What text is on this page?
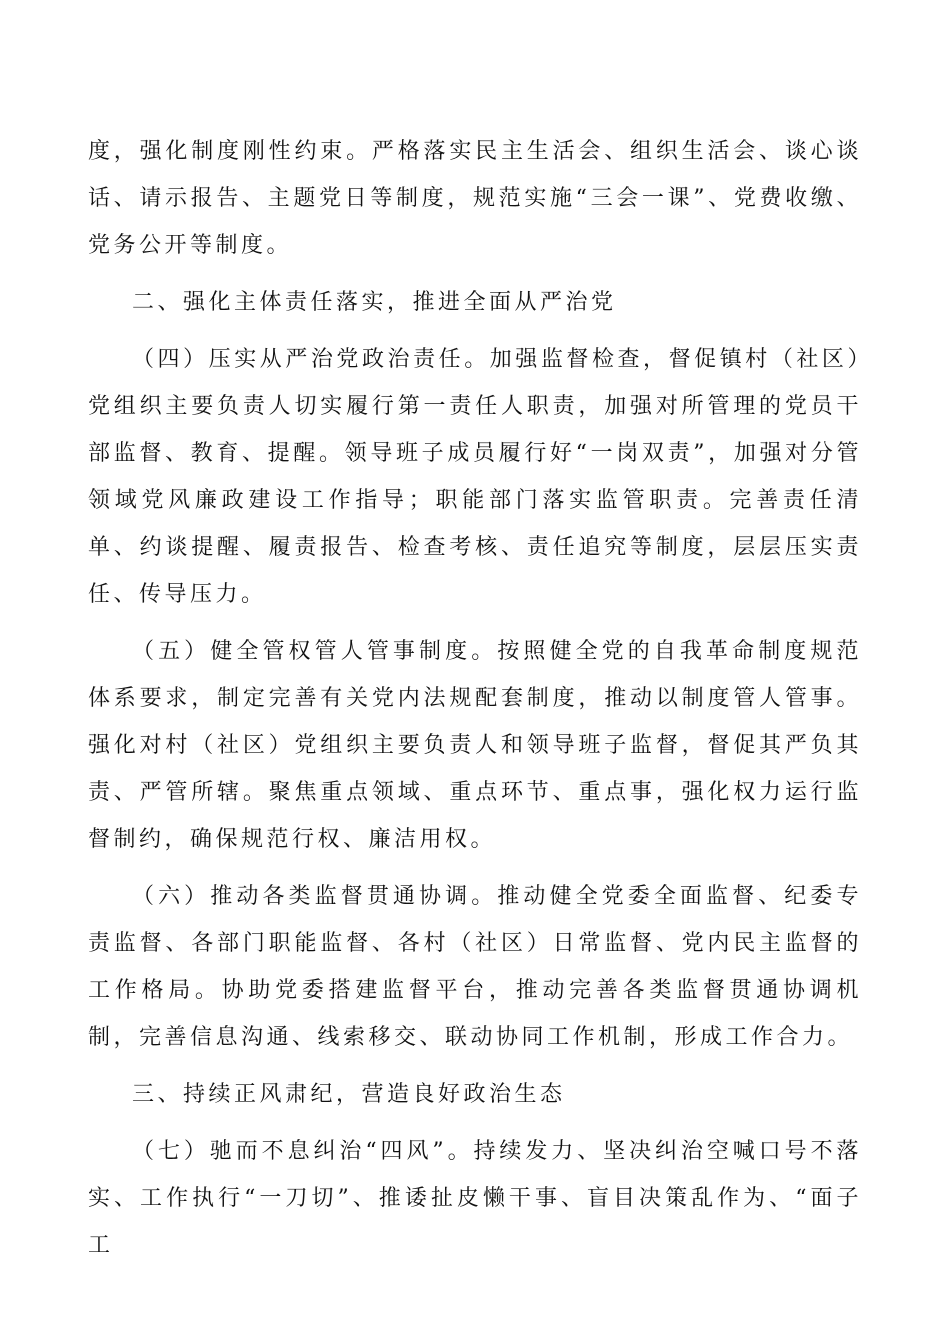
度，强化制度刚性约束。严格落实民主生活会、组织生活会、谈心谈话、请示报告、主题党日等制度，规范实施“三会一课”、党费收缴、党务公开等制度。

二、强化主体责任落实，推进全面从严治党

（四）压实从严治党政治责任。加强监督检查，督促镇村（社区）党组织主要负责人切实履行第一责任人职责，加强对所管理的党员干部监督、教育、提醒。领导班子成员履行好“一岗双责”，加强对分管领域党风廉政建设工作指导；职能部门落实监管职责。完善责任清单、约谈提醒、履责报告、检查考核、责任追究等制度，层层压实责任、传导压力。

（五）健全管权管人管事制度。按照健全党的自我革命制度规范体系要求，制定完善有关党内法规配套制度，推动以制度管人管事。强化对村（社区）党组织主要负责人和领导班子监督，督促其严负其责、严管所辖。聚焦重点领域、重点环节、重点事，强化权力运行监督制约，确保规范行权、廉洁用权。

（六）推动各类监督贯通协调。推动健全党委全面监督、纪委专责监督、各部门职能监督、各村（社区）日常监督、党内民主监督的工作格局。协助党委搭建监督平台，推动完善各类监督贯通协调机制，完善信息沟通、线索移交、联动协同工作机制，形成工作合力。

三、持续正风肃纪，营造良好政治生态

（七）驰而不息纠治“四风”。持续发力、坚决纠治空喊口号不落实、工作执行“一刀切”、推诿扯皮懒干事、盲目决策乱作为、“面子工
